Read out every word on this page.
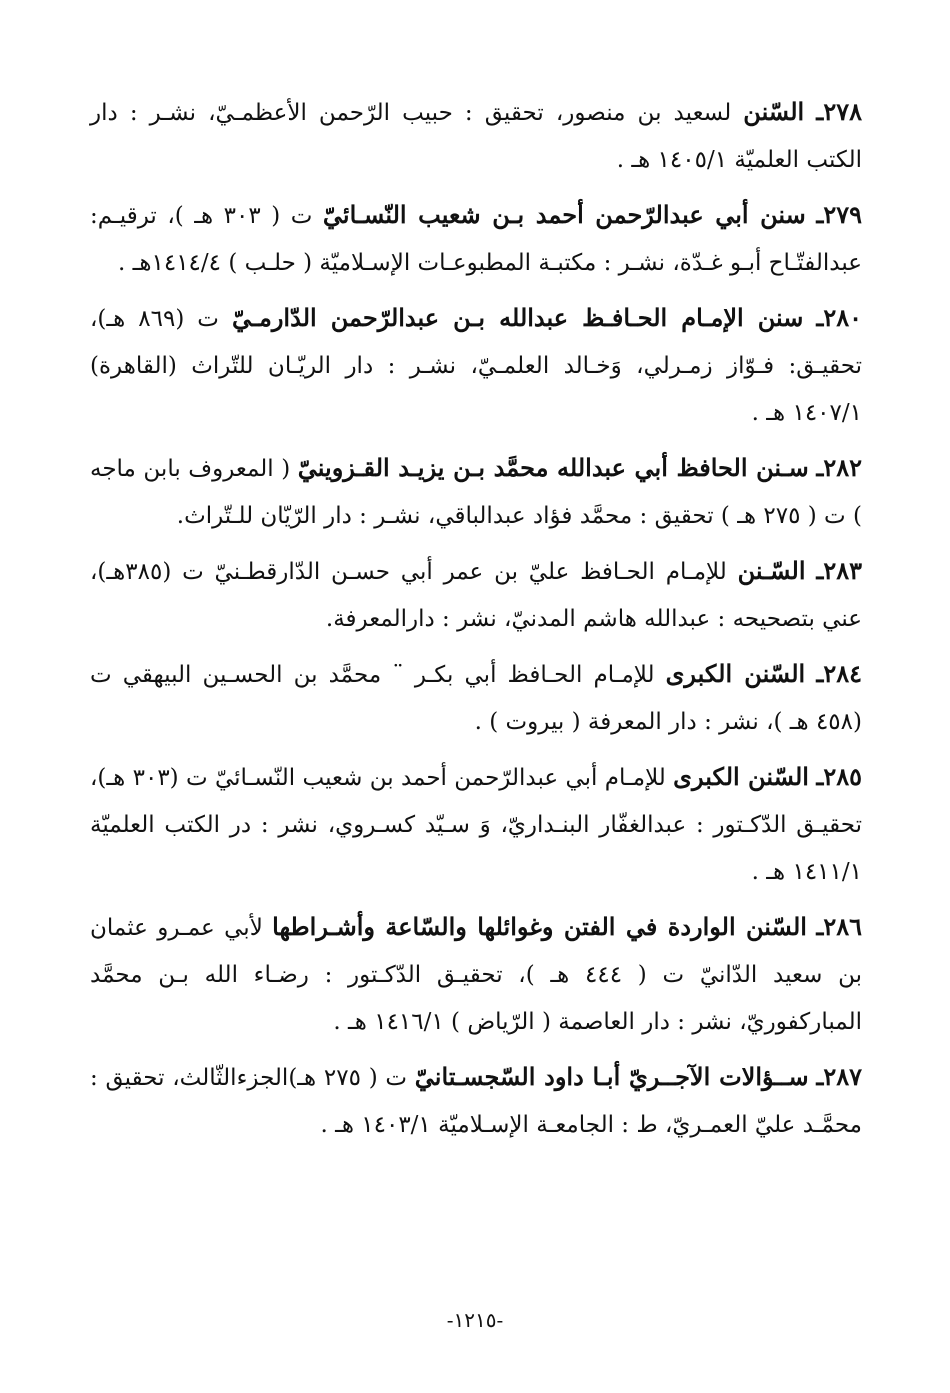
٢٧٨ـ السّنن لسعيد بن منصور، تحقيق : حبيب الرّحمن الأعظمـيّ، نشـر : دار الكتب العلميّة ١٤٠٥/١ هـ .

٢٧٩ـ سنن أبي عبدالرّحمن أحمد بـن شعيب النّسـائيّ ت ( ٣٠٣ هـ )، ترقيـم: عبدالفتّـاح أبـو غـدّة، نشـر : مكتبـة المطبوعـات الإسـلاميّة ( حلـب ) ١٤١٤/٤هـ .

٢٨٠ـ سنن الإمـام الحـافـظ عبدالله بـن عبدالرّحمن الدّارمـيّ ت (٨٦٩ هـ)، تحقيـق: فـوّاز زمـرلي، وَخـالد العلمـيّ، نشـر : دار الريّـان للتّراث (القاهرة) ١٤٠٧/١ هـ .

٢٨٢ـ سـنن الحافظ أبي عبدالله محمَّد بـن يزيـد القـزوينيّ ( المعروف بابن ماجه ) ت ( ٢٧٥ هـ ) تحقيق : محمَّد فؤاد عبدالباقي، نشـر : دار الرّيّان للـتّراث.

٢٨٣ـ السّـنن للإمـام الحـافظ عليّ بن عمر أبي حسـن الدّارقطـنيّ ت (٣٨٥هـ)، عني بتصحيحه : عبدالله هاشم المدنيّ، نشر : دارالمعرفة.

٢٨٤ـ السّنن الكبرى للإمـام الحـافظ أبي بكـر ¨ محمَّد بن الحسـين البيهقي ت (٤٥٨ هـ )، نشر : دار المعرفة ( بيروت ) .

٢٨٥ـ السّنن الكبرى للإمـام أبي عبدالرّحمن أحمد بن شعيب النّسـائيّ ت (٣٠٣ هـ)، تحقيـق الدّكـتور : عبدالغفّار البنـداريّ، وَ سـيّد كسـروي، نشر : در الكتب العلميّة ١٤١١/١ هـ .

٢٨٦ـ السّنن الواردة في الفتن وغوائلها والسّاعة وأشـراطها لأبي عمـرو عثمان بن سعيد الدّانيّ ت ( ٤٤٤ هـ )، تحقيـق الدّكـتور : رضـاء الله بـن محمَّد المباركفوريّ، نشر : دار العاصمة ( الرّياض ) ١٤١٦/١ هـ .

٢٨٧ـ ســؤالات الآجــريّ أبـا داود السّجسـتانيّ ت ( ٢٧٥ هـ)الجزءالثّالث، تحقيق : محمَّـد عليّ العمـريّ، ط : الجامعـة الإسـلاميّة ١٤٠٣/١ هـ .

-١٢١٥-
